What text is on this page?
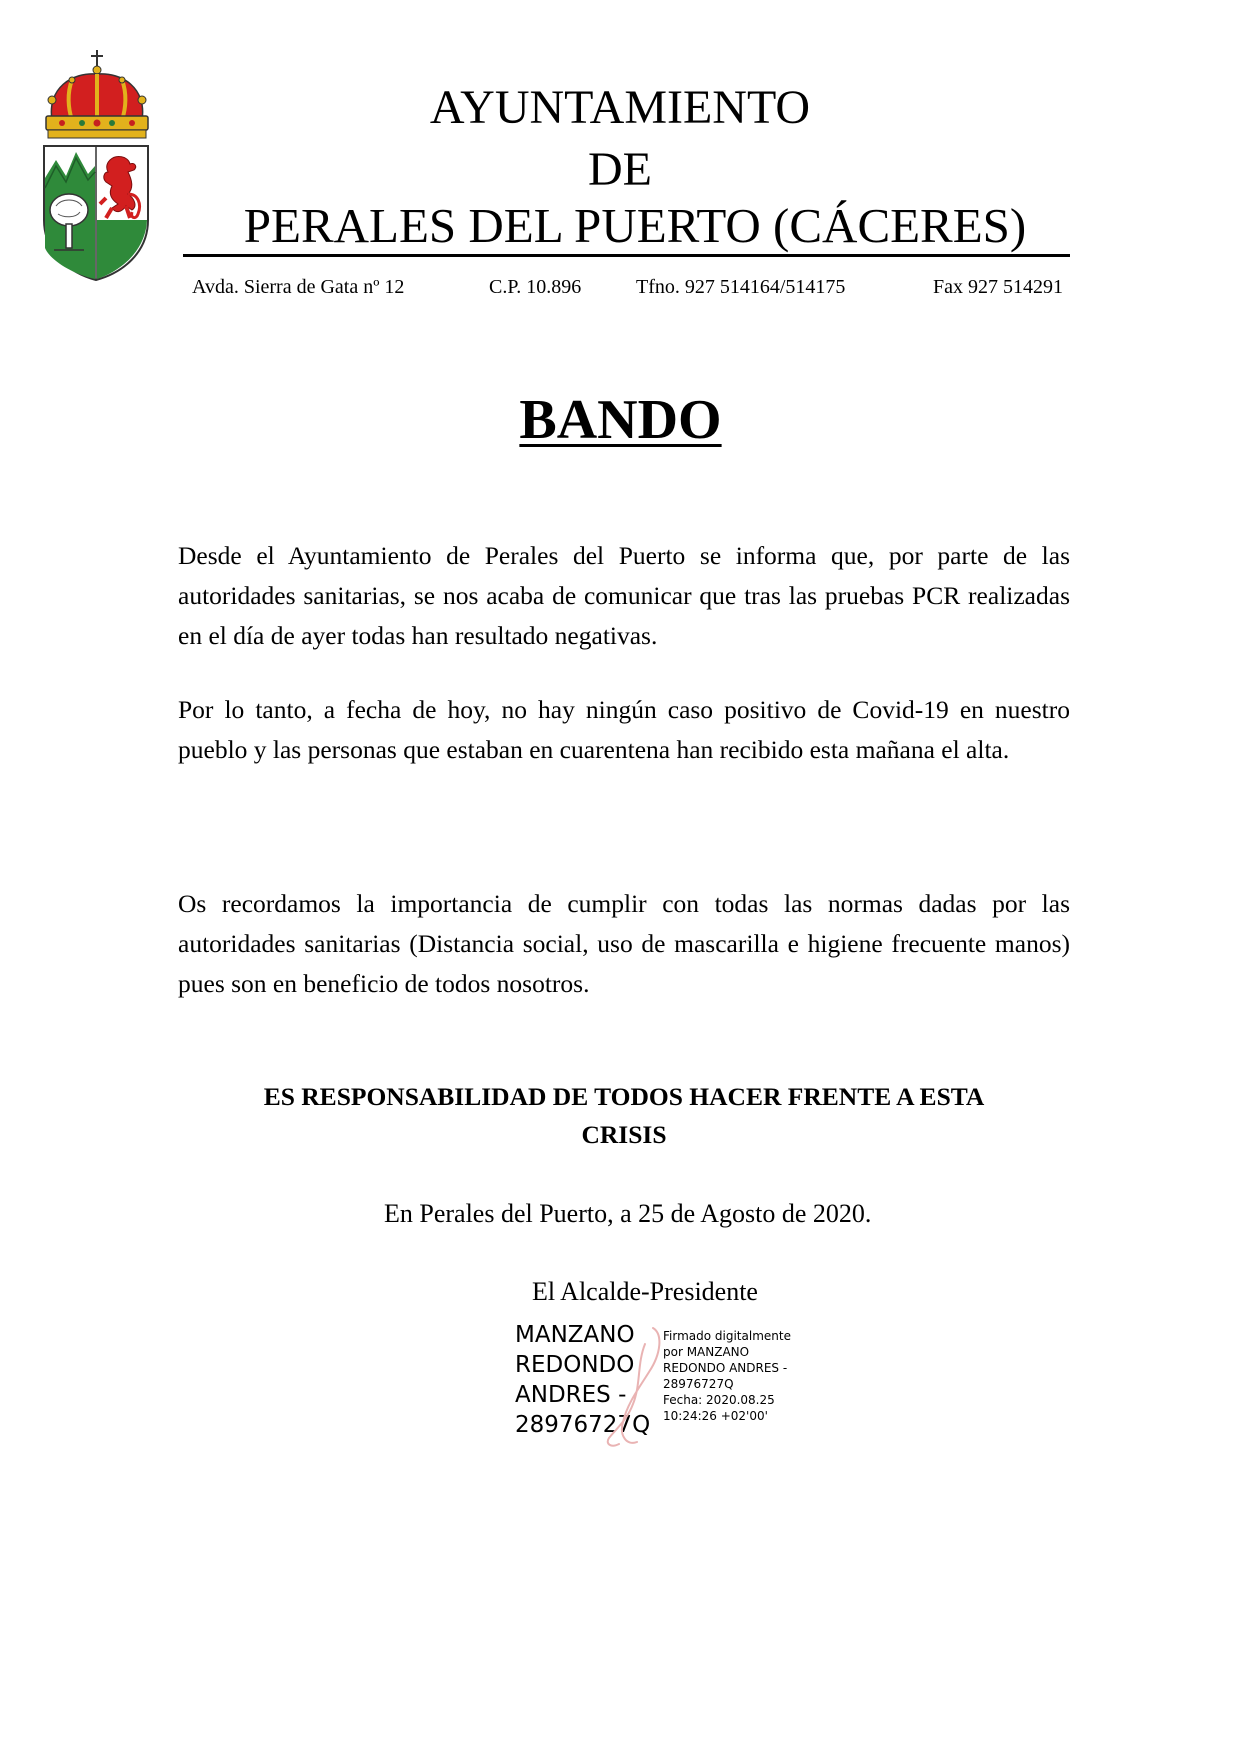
AYUNTAMIENTO
DE
PERALES DEL PUERTO (CÁCERES)
Avda. Sierra de Gata nº 12	C.P. 10.896	Tfno. 927 514164/514175	Fax 927 514291
BANDO
Desde el Ayuntamiento de Perales del Puerto se informa que, por parte de las autoridades sanitarias, se nos acaba de comunicar que tras las pruebas PCR realizadas en el día de ayer todas han resultado negativas.
Por lo tanto, a fecha de hoy, no hay ningún caso positivo de Covid-19 en nuestro pueblo y las personas que estaban en cuarentena han recibido esta mañana el alta.
Os recordamos la importancia de cumplir con todas las normas dadas por las autoridades sanitarias (Distancia social, uso de mascarilla e higiene frecuente manos) pues son en beneficio de todos nosotros.
ES RESPONSABILIDAD DE TODOS HACER FRENTE A ESTA
CRISIS
En Perales del Puerto, a 25 de Agosto de 2020.
El Alcalde-Presidente
MANZANO
REDONDO
ANDRES -
28976727Q
Firmado digitalmente
por MANZANO
REDONDO ANDRES -
28976727Q
Fecha: 2020.08.25
10:24:26 +02'00'
